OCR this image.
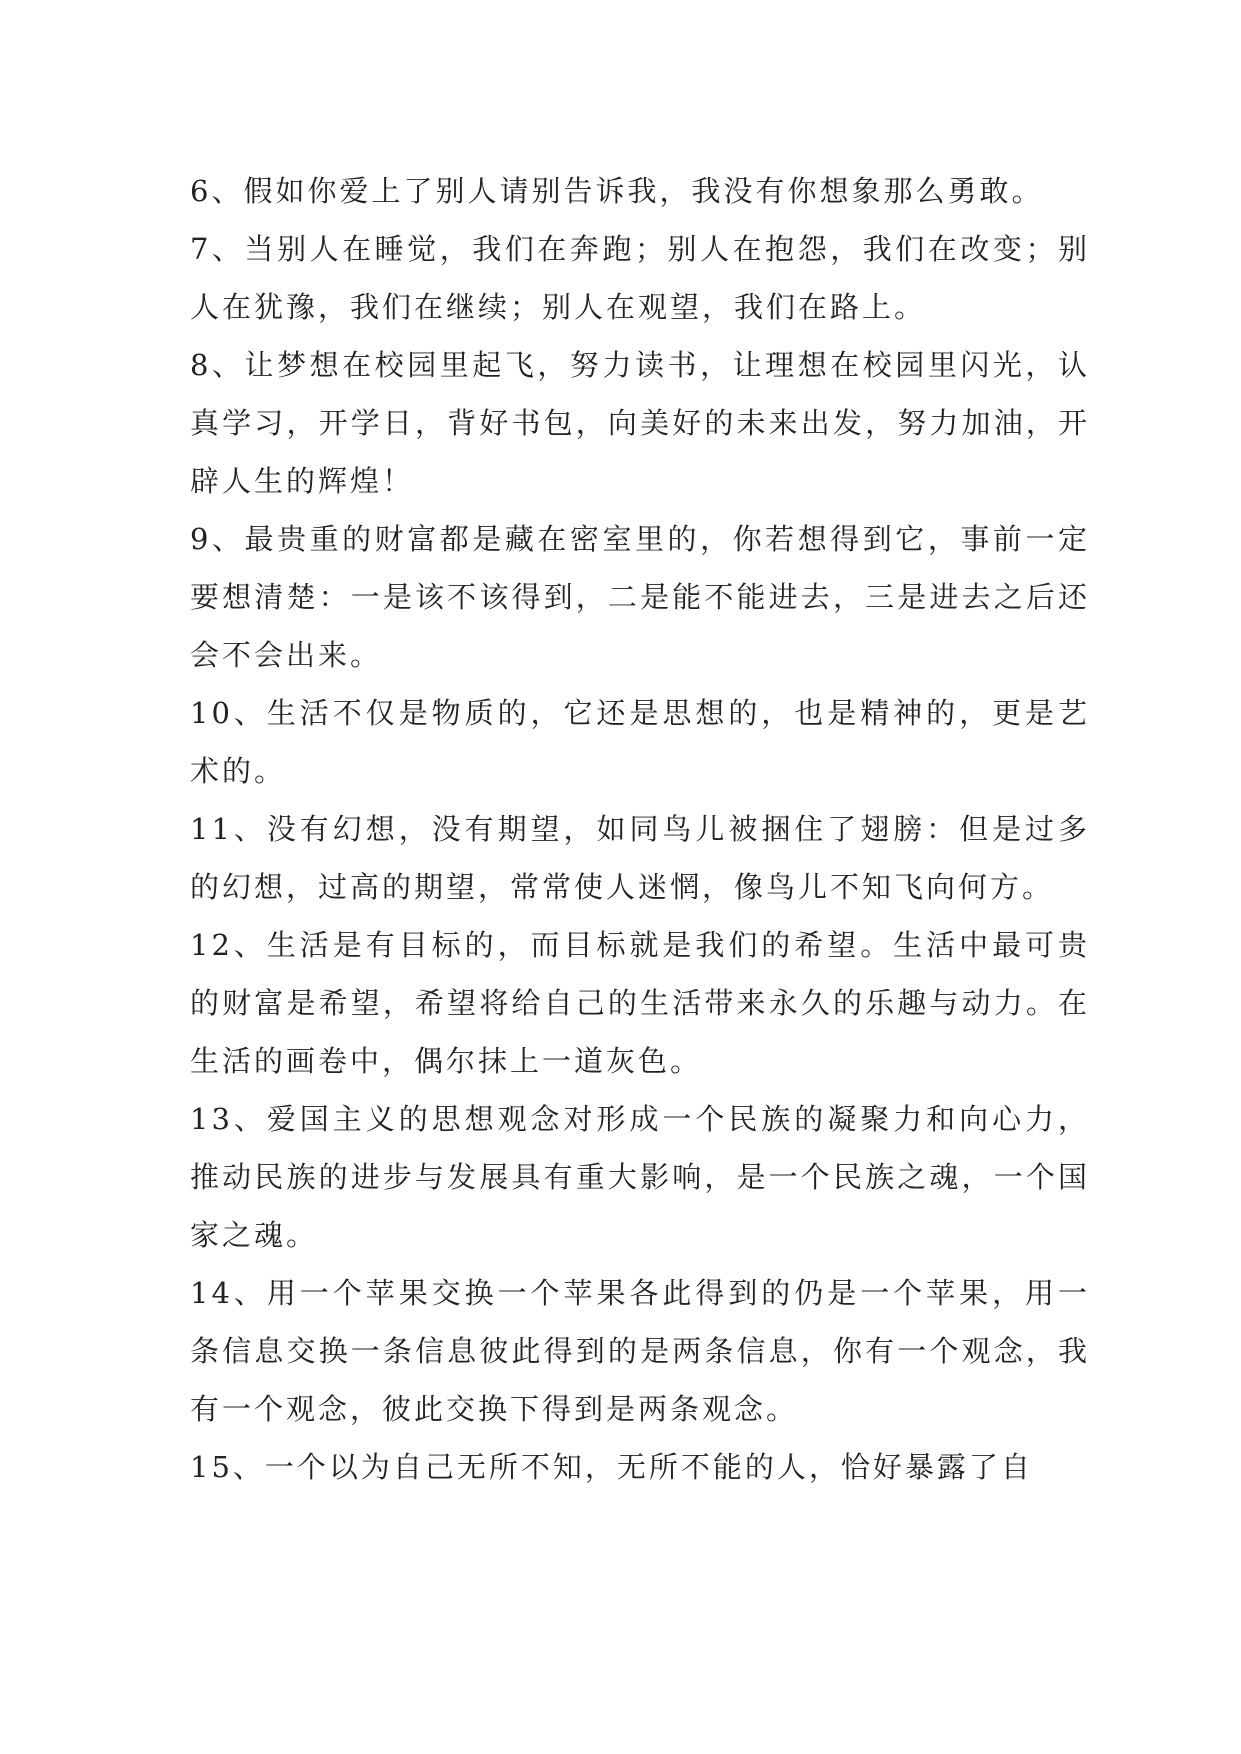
6、假如你爱上了别人请别告诉我，我没有你想象那么勇敢。

7、当别人在睡觉，我们在奔跑；别人在抱怨，我们在改变；别人在犹豫，我们在继续；别人在观望，我们在路上。

8、让梦想在校园里起飞，努力读书，让理想在校园里闪光，认真学习，开学日，背好书包，向美好的未来出发，努力加油，开辟人生的辉煌！

9、最贵重的财富都是藏在密室里的，你若想得到它，事前一定要想清楚：一是该不该得到，二是能不能进去，三是进去之后还会不会出来。

10、生活不仅是物质的，它还是思想的，也是精神的，更是艺术的。

11、没有幻想，没有期望，如同鸟儿被捆住了翅膀：但是过多的幻想，过高的期望，常常使人迷惘，像鸟儿不知飞向何方。

12、生活是有目标的，而目标就是我们的希望。生活中最可贵的财富是希望，希望将给自己的生活带来永久的乐趣与动力。在生活的画卷中，偶尔抹上一道灰色。

13、爱国主义的思想观念对形成一个民族的凝聚力和向心力，推动民族的进步与发展具有重大影响，是一个民族之魂，一个国家之魂。

14、用一个苹果交换一个苹果各此得到的仍是一个苹果，用一条信息交换一条信息彼此得到的是两条信息，你有一个观念，我有一个观念，彼此交换下得到是两条观念。

15、一个以为自己无所不知，无所不能的人，恰好暴露了自
